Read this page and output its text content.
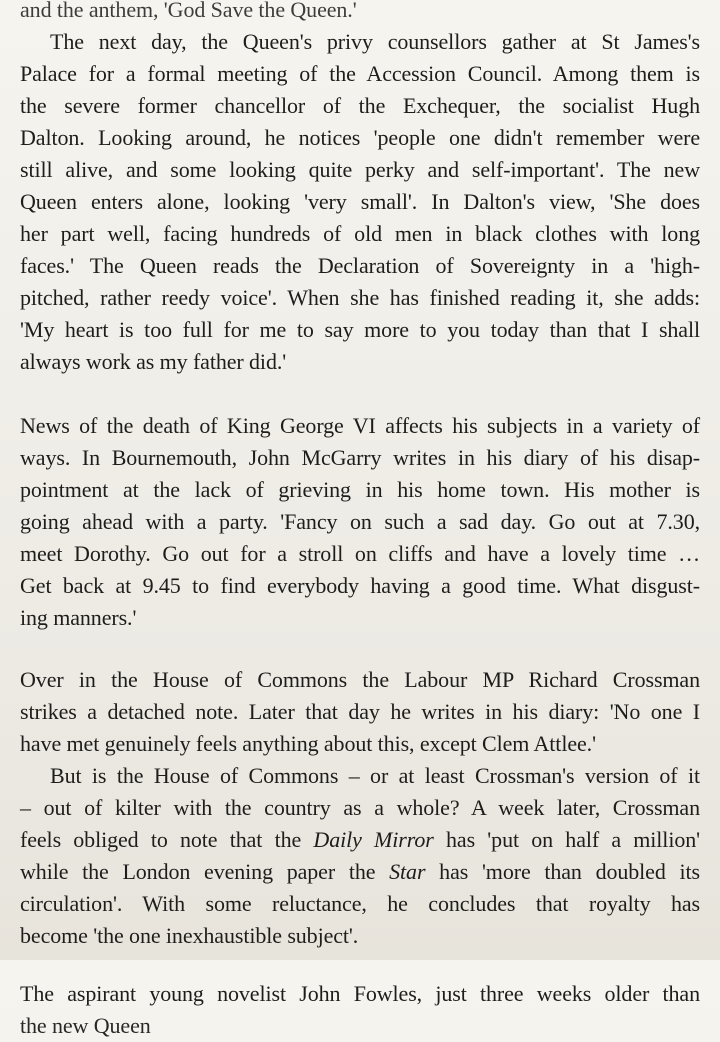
and the anthem, 'God Save the Queen.'
The next day, the Queen's privy counsellors gather at St James's
Palace for a formal meeting of the Accession Council. Among them is
the severe former chancellor of the Exchequer, the socialist Hugh
Dalton. Looking around, he notices 'people one didn't remember were
still alive, and some looking quite perky and self-important'. The new
Queen enters alone, looking 'very small'. In Dalton's view, 'She does
her part well, facing hundreds of old men in black clothes with long
faces.' The Queen reads the Declaration of Sovereignty in a 'high-
pitched, rather reedy voice'. When she has finished reading it, she adds:
'My heart is too full for me to say more to you today than that I shall
always work as my father did.'

News of the death of King George VI affects his subjects in a variety of
ways. In Bournemouth, John McGarry writes in his diary of his disap-
pointment at the lack of grieving in his home town. His mother is
going ahead with a party. 'Fancy on such a sad day. Go out at 7.30,
meet Dorothy. Go out for a stroll on cliffs and have a lovely time …
Get back at 9.45 to find everybody having a good time. What disgust-
ing manners.'

Over in the House of Commons the Labour MP Richard Crossman
strikes a detached note. Later that day he writes in his diary: 'No one I
have met genuinely feels anything about this, except Clem Attlee.'

But is the House of Commons – or at least Crossman's version of it
– out of kilter with the country as a whole? A week later, Crossman
feels obliged to note that the Daily Mirror has 'put on half a million'
while the London evening paper the Star has 'more than doubled its
circulation'. With some reluctance, he concludes that royalty has
become 'the one inexhaustible subject'.

The aspirant young novelist John Fowles, just three weeks older than
the new Queen
